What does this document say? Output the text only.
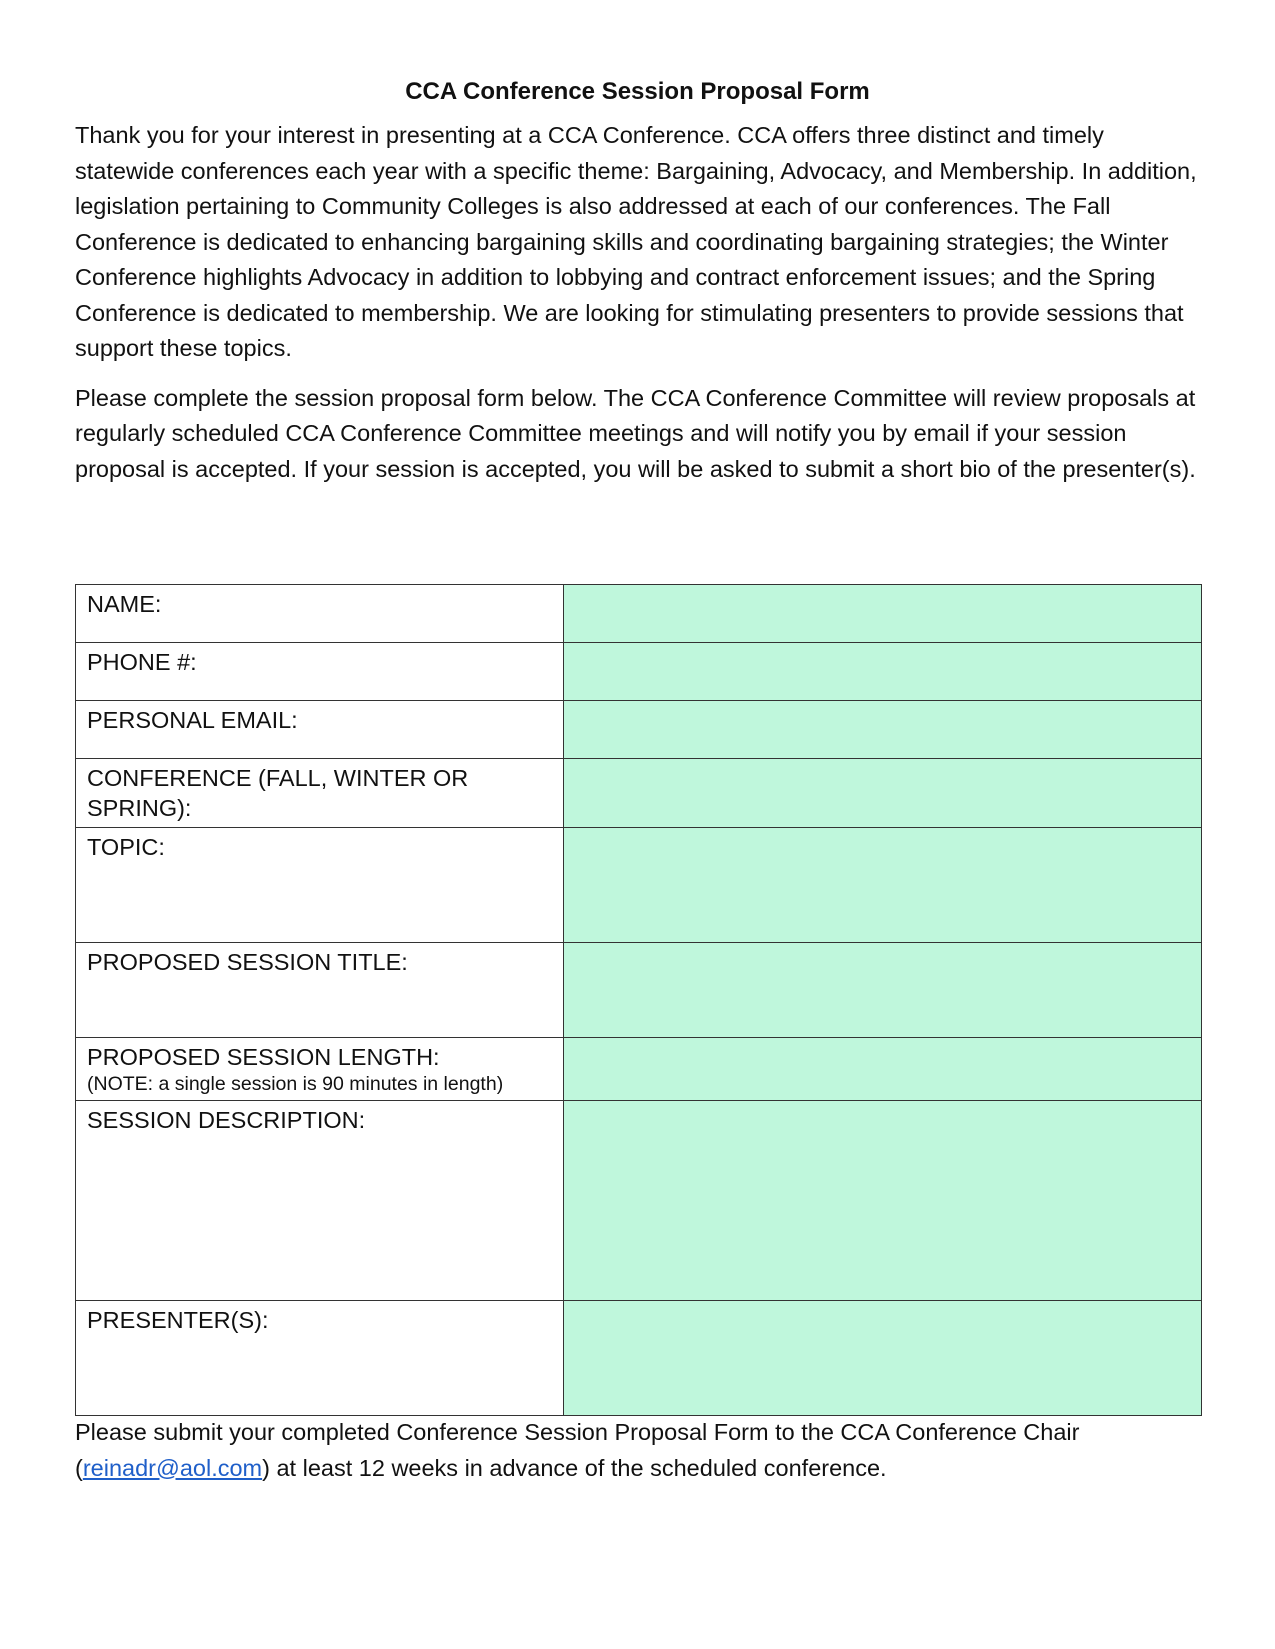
CCA Conference Session Proposal Form

Thank you for your interest in presenting at a CCA Conference. CCA offers three distinct and timely statewide conferences each year with a specific theme: Bargaining, Advocacy, and Membership. In addition, legislation pertaining to Community Colleges is also addressed at each of our conferences. The Fall Conference is dedicated to enhancing bargaining skills and coordinating bargaining strategies; the Winter Conference highlights Advocacy in addition to lobbying and contract enforcement issues; and the Spring Conference is dedicated to membership. We are looking for stimulating presenters to provide sessions that support these topics.

Please complete the session proposal form below. The CCA Conference Committee will review proposals at regularly scheduled CCA Conference Committee meetings and will notify you by email if your session proposal is accepted. If your session is accepted, you will be asked to submit a short bio of the presenter(s).

NAME:	

PHONE #:	

PERSONAL EMAIL:	

CONFERENCE (FALL, WINTER OR SPRING):	

TOPIC:	

PROPOSED SESSION TITLE:	

PROPOSED SESSION LENGTH:
(NOTE: a single session is 90 minutes in length)	

SESSION DESCRIPTION:	

PRESENTER(S):	

Please submit your completed Conference Session Proposal Form to the CCA Conference Chair (reinadr@aol.com) at least 12 weeks in advance of the scheduled conference.
